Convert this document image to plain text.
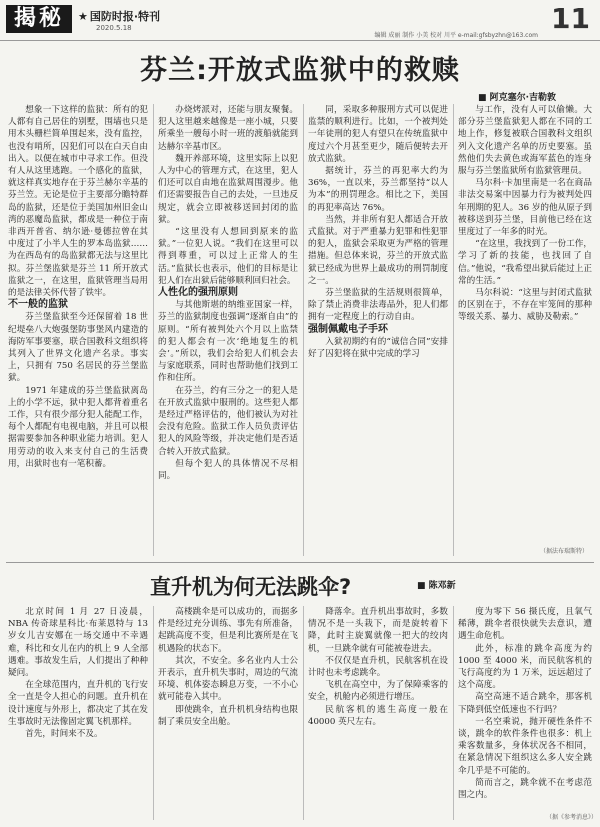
揭秘	★ 国防时报·特刊
2020.5.18
编辑 成丽 制作 小美 校对 川平 e-mail:gfsbyzhn@163.com
11
芬兰:开放式监狱中的救赎
■ 阿克塞尔·吉勒敦

想象一下这样的监狱：所有的犯人都有自己居住的别墅，围墙也只是用木头栅栏简单围起来，没有监控，也没有哨所，囚犯们可以在白天自由出入。以便在城市中寻求工作。但没有人从这里逃跑。一个感化的监狱，就这样真实地存在于芬兰赫尔辛基的芬兰笠。无论是位于主要部分瞻特群岛的监狱，还是位于美国加州旧金山湾的恶魔岛监狱，都成是一种位于南非西开普省、纳尔逊·曼德拉曾在其中度过了小半人生的罗本岛监狱……为在西岛有的岛监狱都无法与这里比拟。芬兰堡监狱是芬兰 11 所开放式监狱之一，在这里，监狱管理当局用的是法律关怀代替了铁牢。

不一般的监狱

芬兰堡监狱至今还保留着 18 世纪堤垒八大炮强堡防事堡风内建造的海防军事要塞，联合国教科文组织将其列入了世界文化遗产名录。事实上，只拥有 750 名居民的芬兰堡监狱。

1971 年建成的芬兰堡监狱离岛上的小学不远，狱中犯人都背着重名工作，只有很少部分犯人能配工作，每个人都配有电视电脑，并且可以根据需要参加各种职业能力培训。犯人用劳动的收入来支付自己的生活费用，出狱时也有一笔积蓄。

办烧烤派对，还能与朋友聚餐。犯人这里越来越像是一座小城，只要所乘坐一艘每小时一班的渡船就能到达赫尔辛基市区。

魏开养部环境，这里实际上以犯人为中心的管理方式，在这里，犯人们还可以自由地在监狱周围漫步。他们还需要报告自己的去处，一旦违反规定，就会立即被移送回封闭的监狱。

“这里没有人想回到原来的监狱。”一位犯人说。“我们在这里可以得到尊重，可以过上正常人的生活。”监狱长也表示，他们的目标是让犯人们在出狱后能够顺利回归社会。

人性化的强刑原则

与其他斯堪的纳维亚国家一样，芬兰的监狱制度也强调“逐渐自由”的原则。“所有被判处六个月以上监禁的犯人都会有一次‘绝地复生的机会’。”所以，我们会给犯人们机会去与家庭联系，同时也帮助他们找到工作和住所。

在芬兰，约有三分之一的犯人是在开放式监狱中服刑的。这些犯人都是经过严格评估的，他们被认为对社会没有危险。监狱工作人员负责评估犯人的风险等级，并决定他们是否适合转入开放式监狱。

但每个犯人的具体情况不尽相同。

同，采取多种服刑方式可以促进监禁的顺利进行。比如，一个被判处一年徒刑的犯人有望只在传统监狱中度过六个月甚至更少，随后便转去开放式监狱。

据统计，芬兰的再犯率大约为 36%，一直以来，芬兰都坚持“以人为本”的刑罚理念。相比之下，美国的再犯率高达 76%。

当然，并非所有犯人都适合开放式监狱。对于严重暴力犯罪和性犯罪的犯人，监狱会采取更为严格的管理措施。但总体来说，芬兰的开放式监狱已经成为世界上最成功的刑罚制度之一。

芬兰堡监狱的生活规则很简单，除了禁止消费非法毒品外，犯人们都拥有一定程度上的行动自由。

强制佩戴电子手环

入狱初期约有的“诚信合同”安排好了囚犯将在狱中完成的学习

与工作，没有人可以偷懒。大部分芬兰堡监狱犯人都在不同的工地上作，修复被联合国教科文组织列入文化遗产名单的历史要塞。虽然他们失去黄色或海军蓝色的连身服与芬兰堡监狱所有监狱管理员。

马尔科·卡加里南是一名在商品非法交易案中因暴力行为被判处四年刑期的犯人。36 岁的他从原子到被移送到芬兰堡，目前他已经在这里度过了一年多的时光。

“在这里，我找到了一份工作，学习了新的技能，也找回了自信。”他说，“我希望出狱后能过上正常的生活。”

马尔科说：“这里与封闭式监狱的区别在于，不存在牢笼间的那种等级关系、暴力、威胁及勒索。”

（据法布瑞斯特）
直升机为何无法跳伞?	■ 陈邓新

北京时间 1 月 27 日凌晨，NBA 传奇球星科比·布莱恩特与 13 岁女儿吉安娜在一场交通中不幸遇难，科比和女儿在内的机上 9 人全部遇难。事故发生后，人们提出了种种疑问。

在全球范围内，直升机的飞行安全一直是令人担心的问题。直升机在设计速度与外形上，都决定了其在发生事故时无法像固定翼飞机那样。

首先，时间来不及。

高楼跳伞是可以成功的，而据多件是经过充分训练、事先有所准备，起跳高度不变，但是利比赛所是在飞机遇险的状态下。

其次，不安全。多名业内人士公开表示，直升机失事时，周边的气流环境、机体姿态瞬息万变，一不小心就可能卷入其中。

即使跳伞，直升机机身结构也限制了乘员安全出舱。

降落伞。直升机出事故时，多数情况不是一头栽下，而是旋转着下降，此时主旋翼就像一把大的绞肉机，一旦跳伞就有可能被卷进去。

不仅仅是直升机，民航客机在设计时也未考虑跳伞。

飞机在高空中，为了保障乘客的安全，机舱内必须进行增压。

民航客机的逃生高度一般在 40000 英尺左右。

度为零下 56 摄氏度，且氧气稀薄，跳伞者很快就失去意识，遭遇生命危机。

此外，标准的跳伞高度为约 1000 至 4000 米，而民航客机的飞行高度约为 1 万米，远远超过了这个高度。

高空高速不适合跳伞，那客机下降到低空低速也不行吗？

一名空乘说，抛开硬性条件不谈，跳伞的软件条件也很多：机上乘客数量多，身体状况各不相同，在紧急情况下组织这么多人安全跳伞几乎是不可能的。

简而言之，跳伞就不在考虑范围之内。

（据《参考消息》）
